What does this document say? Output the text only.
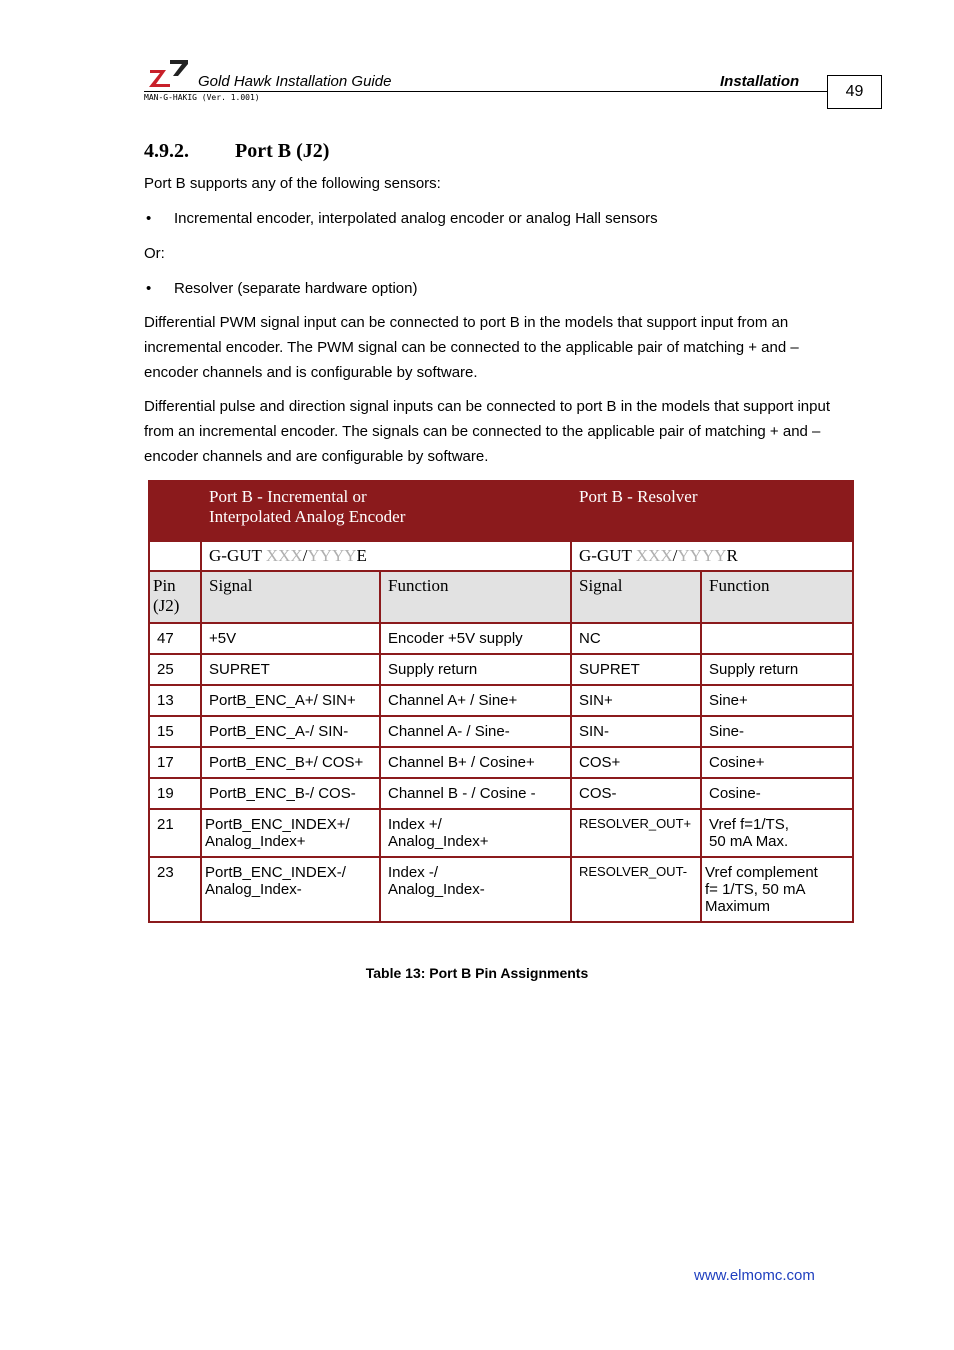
Gold Hawk Installation Guide	Installation
MAN-G-HAKIG (Ver. 1.001)	49
4.9.2. Port B (J2)
Port B supports any of the following sensors:
• Incremental encoder, interpolated analog encoder or analog Hall sensors
Or:
• Resolver (separate hardware option)
Differential PWM signal input can be connected to port B in the models that support input from an incremental encoder. The PWM signal can be connected to the applicable pair of matching + and – encoder channels and is configurable by software.
Differential pulse and direction signal inputs can be connected to port B in the models that support input from an incremental encoder. The signals can be connected to the applicable pair of matching + and – encoder channels and are configurable by software.
	Port B - Incremental or
Interpolated Analog Encoder		Port B - Resolver	
	G-GUT XXX/YYYYE		G-GUT XXX/YYYYR	
Pin
(J2)	Signal	Function	Signal	Function
47	+5V	Encoder +5V supply	NC	
25	SUPRET	Supply return	SUPRET	Supply return
13	PortB_ENC_A+/ SIN+	Channel A+ / Sine+	SIN+	Sine+
15	PortB_ENC_A-/ SIN-	Channel A- / Sine-	SIN-	Sine-
17	PortB_ENC_B+/ COS+	Channel B+ / Cosine+	COS+	Cosine+
19	PortB_ENC_B-/ COS-	Channel B - / Cosine -	COS-	Cosine-
21	PortB_ENC_INDEX+/
Analog_Index+	Index +/
Analog_Index+	RESOLVER_OUT+	Vref f=1/TS,
50 mA Max.
23	PortB_ENC_INDEX-/
Analog_Index-	Index -/
Analog_Index-	RESOLVER_OUT-	Vref complement
f= 1/TS, 50 mA
Maximum
Table 13: Port B Pin Assignments
www.elmomc.com
